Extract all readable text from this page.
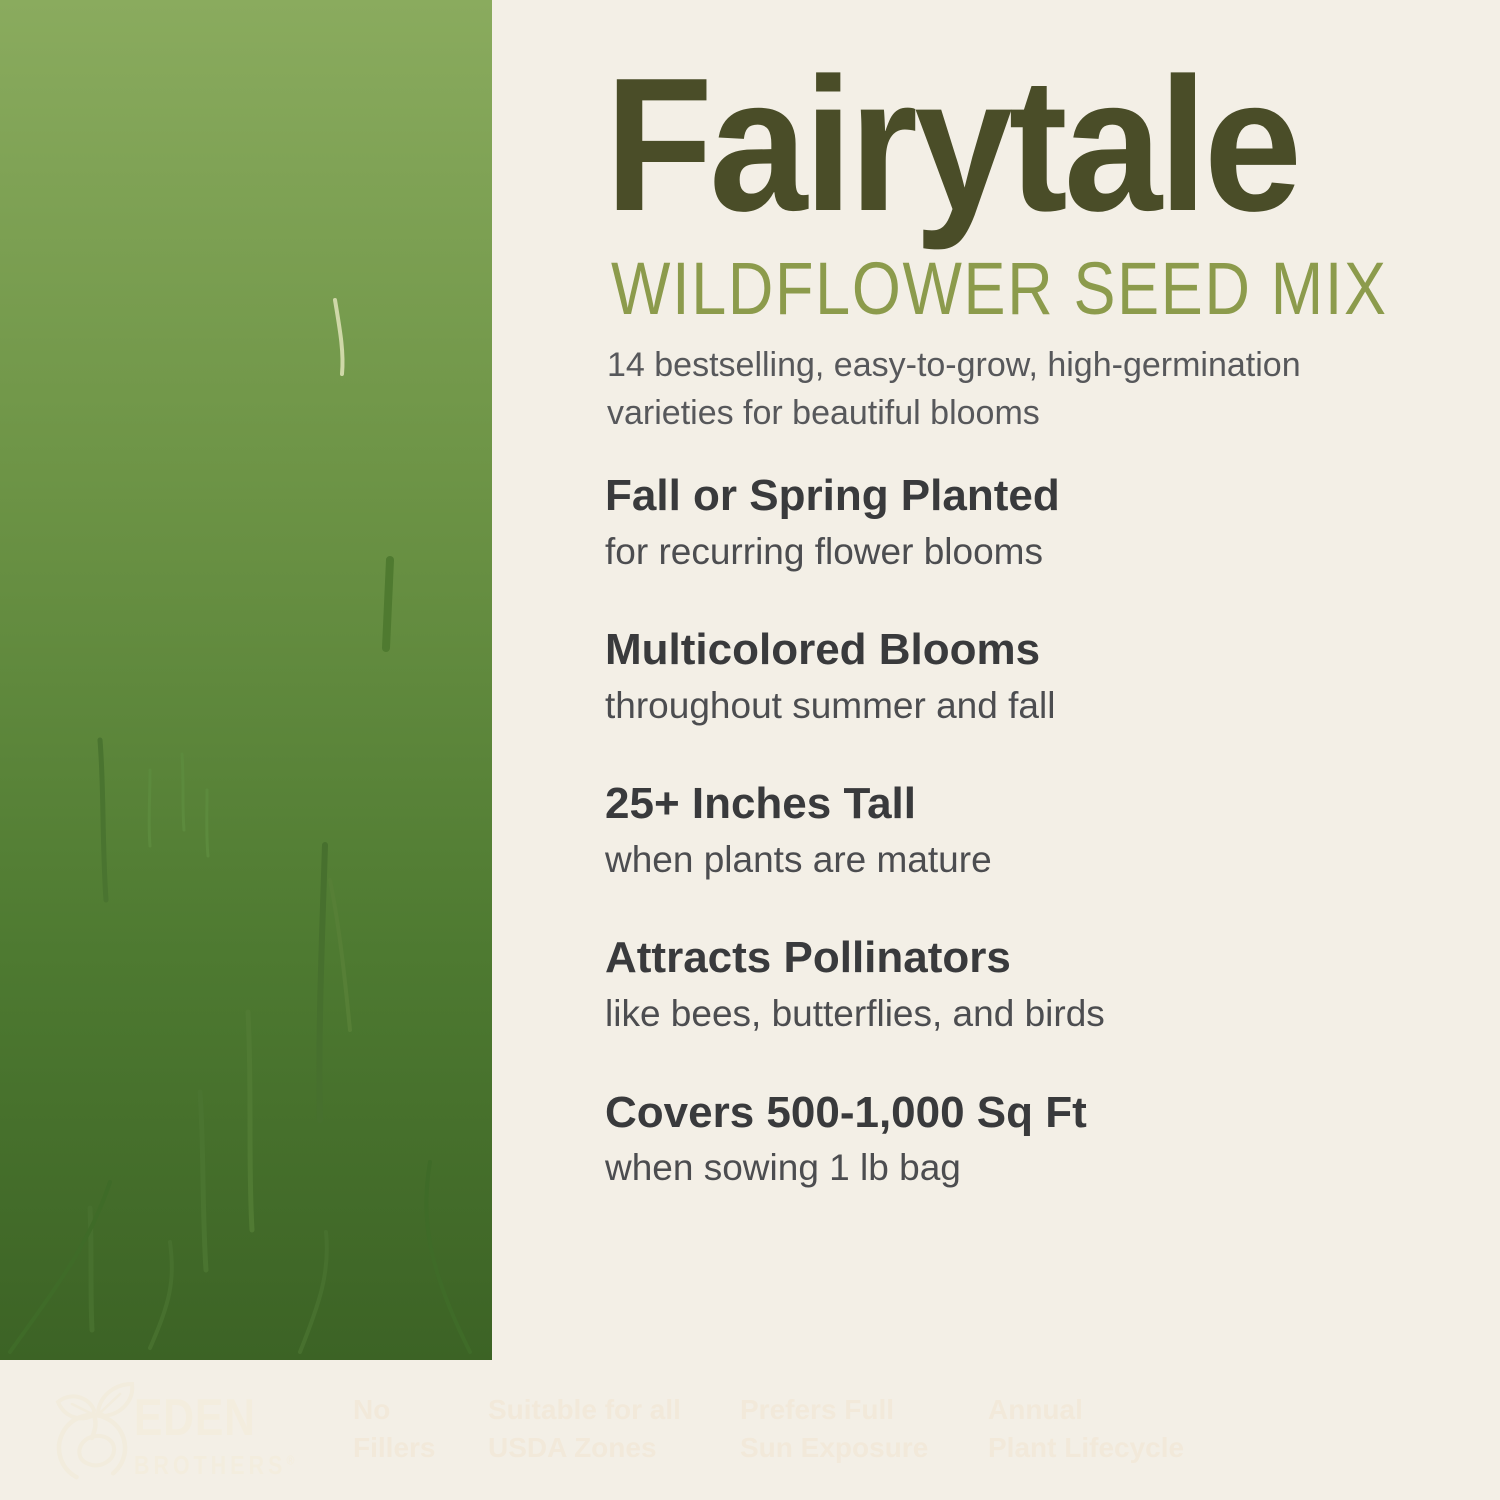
Fairytale
WILDFLOWER SEED MIX
14 bestselling, easy-to-grow, high-germination
varieties for beautiful blooms
Fall or Spring Planted
for recurring flower blooms
Multicolored Blooms
throughout summer and fall
25+ Inches Tall
when plants are mature
Attracts Pollinators
like bees, butterflies, and birds
Covers 500-1,000 Sq Ft
when sowing 1 lb bag
EDEN
BROTHERS®
No
Fillers
Suitable for all
USDA Zones
Prefers Full
Sun Exposure
Annual
Plant Lifecycle
